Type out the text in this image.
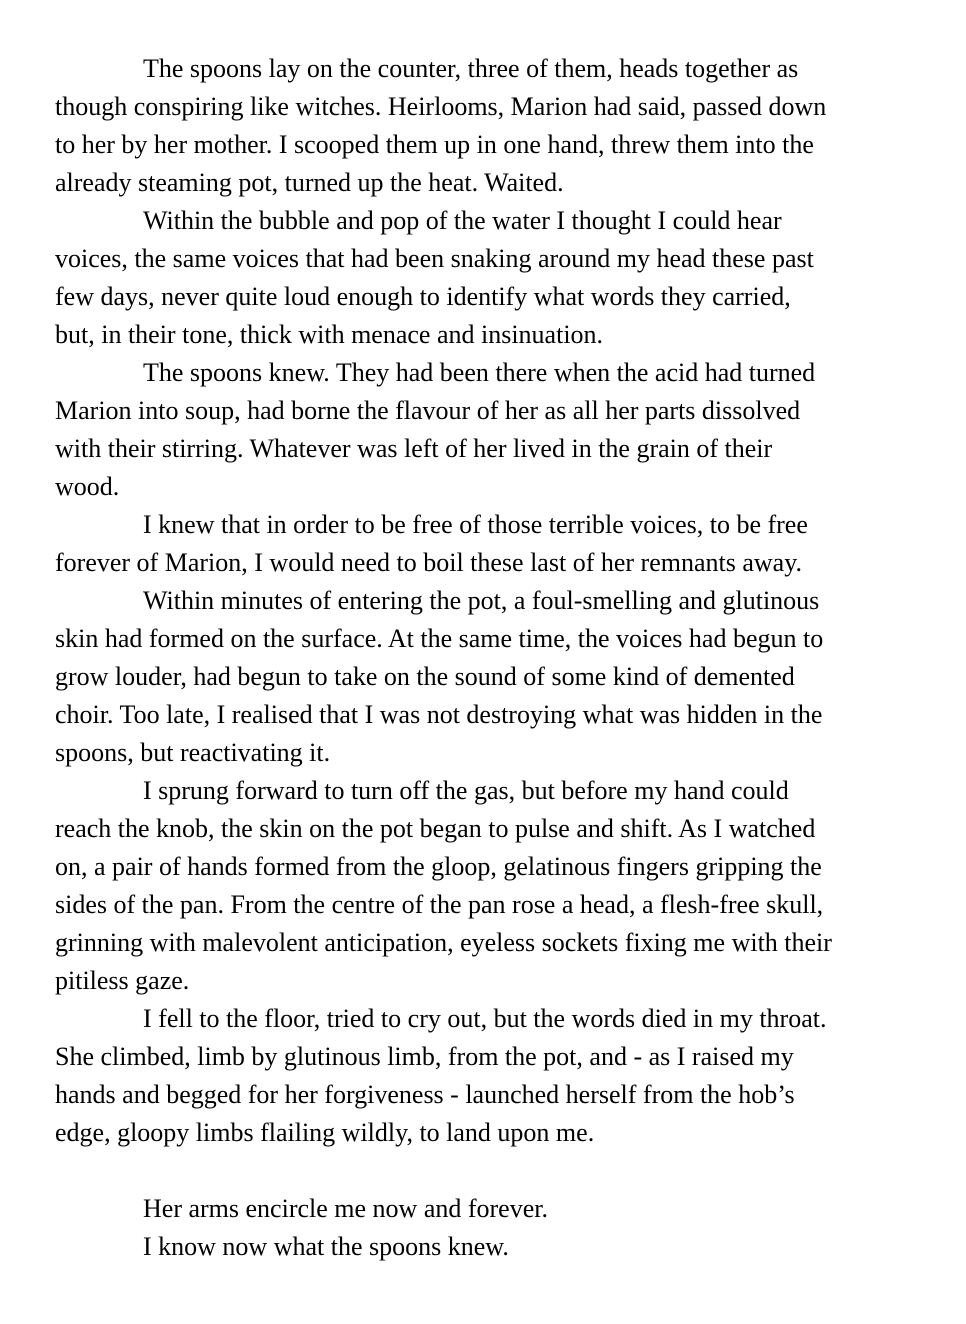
The spoons lay on the counter, three of them, heads together as
though conspiring like witches. Heirlooms, Marion had said, passed down
to her by her mother. I scooped them up in one hand, threw them into the
already steaming pot, turned up the heat. Waited.

Within the bubble and pop of the water I thought I could hear
voices, the same voices that had been snaking around my head these past
few days, never quite loud enough to identify what words they carried,
but, in their tone, thick with menace and insinuation.

The spoons knew. They had been there when the acid had turned
Marion into soup, had borne the flavour of her as all her parts dissolved
with their stirring. Whatever was left of her lived in the grain of their
wood.

I knew that in order to be free of those terrible voices, to be free
forever of Marion, I would need to boil these last of her remnants away.

Within minutes of entering the pot, a foul-smelling and glutinous
skin had formed on the surface. At the same time, the voices had begun to
grow louder, had begun to take on the sound of some kind of demented
choir. Too late, I realised that I was not destroying what was hidden in the
spoons, but reactivating it.

I sprung forward to turn off the gas, but before my hand could
reach the knob, the skin on the pot began to pulse and shift. As I watched
on, a pair of hands formed from the gloop, gelatinous fingers gripping the
sides of the pan. From the centre of the pan rose a head, a flesh-free skull,
grinning with malevolent anticipation, eyeless sockets fixing me with their
pitiless gaze.

I fell to the floor, tried to cry out, but the words died in my throat.
She climbed, limb by glutinous limb, from the pot, and - as I raised my
hands and begged for her forgiveness - launched herself from the hob’s
edge, gloopy limbs flailing wildly, to land upon me.

Her arms encircle me now and forever.

I know now what the spoons knew.
